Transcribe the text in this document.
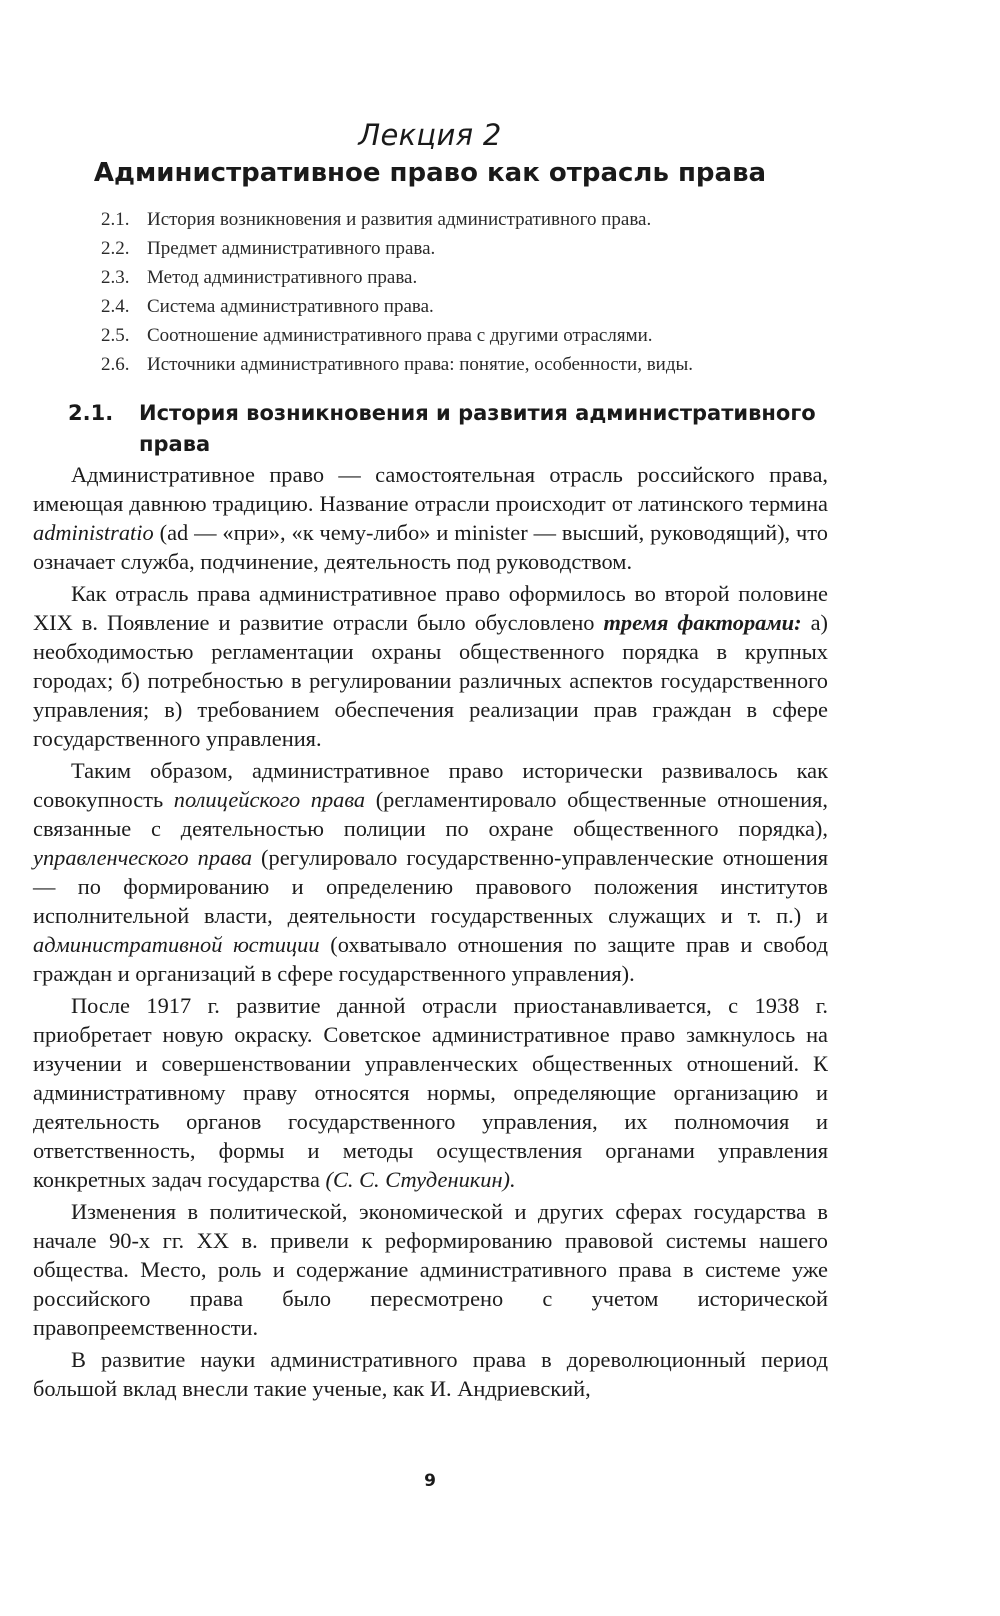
Лекция 2
Административное право как отрасль права
2.1. История возникновения и развития административного права.
2.2. Предмет административного права.
2.3. Метод административного права.
2.4. Система административного права.
2.5. Соотношение административного права с другими отраслями.
2.6. Источники административного права: понятие, особенности, виды.
2.1. История возникновения и развития административного права

Административное право — самостоятельная отрасль российского права, имеющая давнюю традицию. Название отрасли происходит от латинского термина administratio (ad — «при», «к чему-либо» и minister — высший, руководящий), что означает служба, подчинение, деятельность под руководством.

Как отрасль права административное право оформилось во второй половине XIX в. Появление и развитие отрасли было обусловлено тремя факторами: а) необходимостью регламентации охраны общественного порядка в крупных городах; б) потребностью в регулировании различных аспектов государственного управления; в) требованием обеспечения реализации прав граждан в сфере государственного управления.

Таким образом, административное право исторически развивалось как совокупность полицейского права (регламентировало общественные отношения, связанные с деятельностью полиции по охране общественного порядка), управленческого права (регулировало государственно-управленческие отношения — по формированию и определению правового положения институтов исполнительной власти, деятельности государственных служащих и т. п.) и административной юстиции (охватывало отношения по защите прав и свобод граждан и организаций в сфере государственного управления).

После 1917 г. развитие данной отрасли приостанавливается, с 1938 г. приобретает новую окраску. Советское административное право замкнулось на изучении и совершенствовании управленческих общественных отношений. К административному праву относятся нормы, определяющие организацию и деятельность органов государственного управления, их полномочия и ответственность, формы и методы осуществления органами управления конкретных задач государства (С. С. Студеникин).

Изменения в политической, экономической и других сферах государства в начале 90-х гг. XX в. привели к реформированию правовой системы нашего общества. Место, роль и содержание административного права в системе уже российского права было пересмотрено с учетом исторической правопреемственности.

В развитие науки административного права в дореволюционный период большой вклад внесли такие ученые, как И. Андриевский,

9
